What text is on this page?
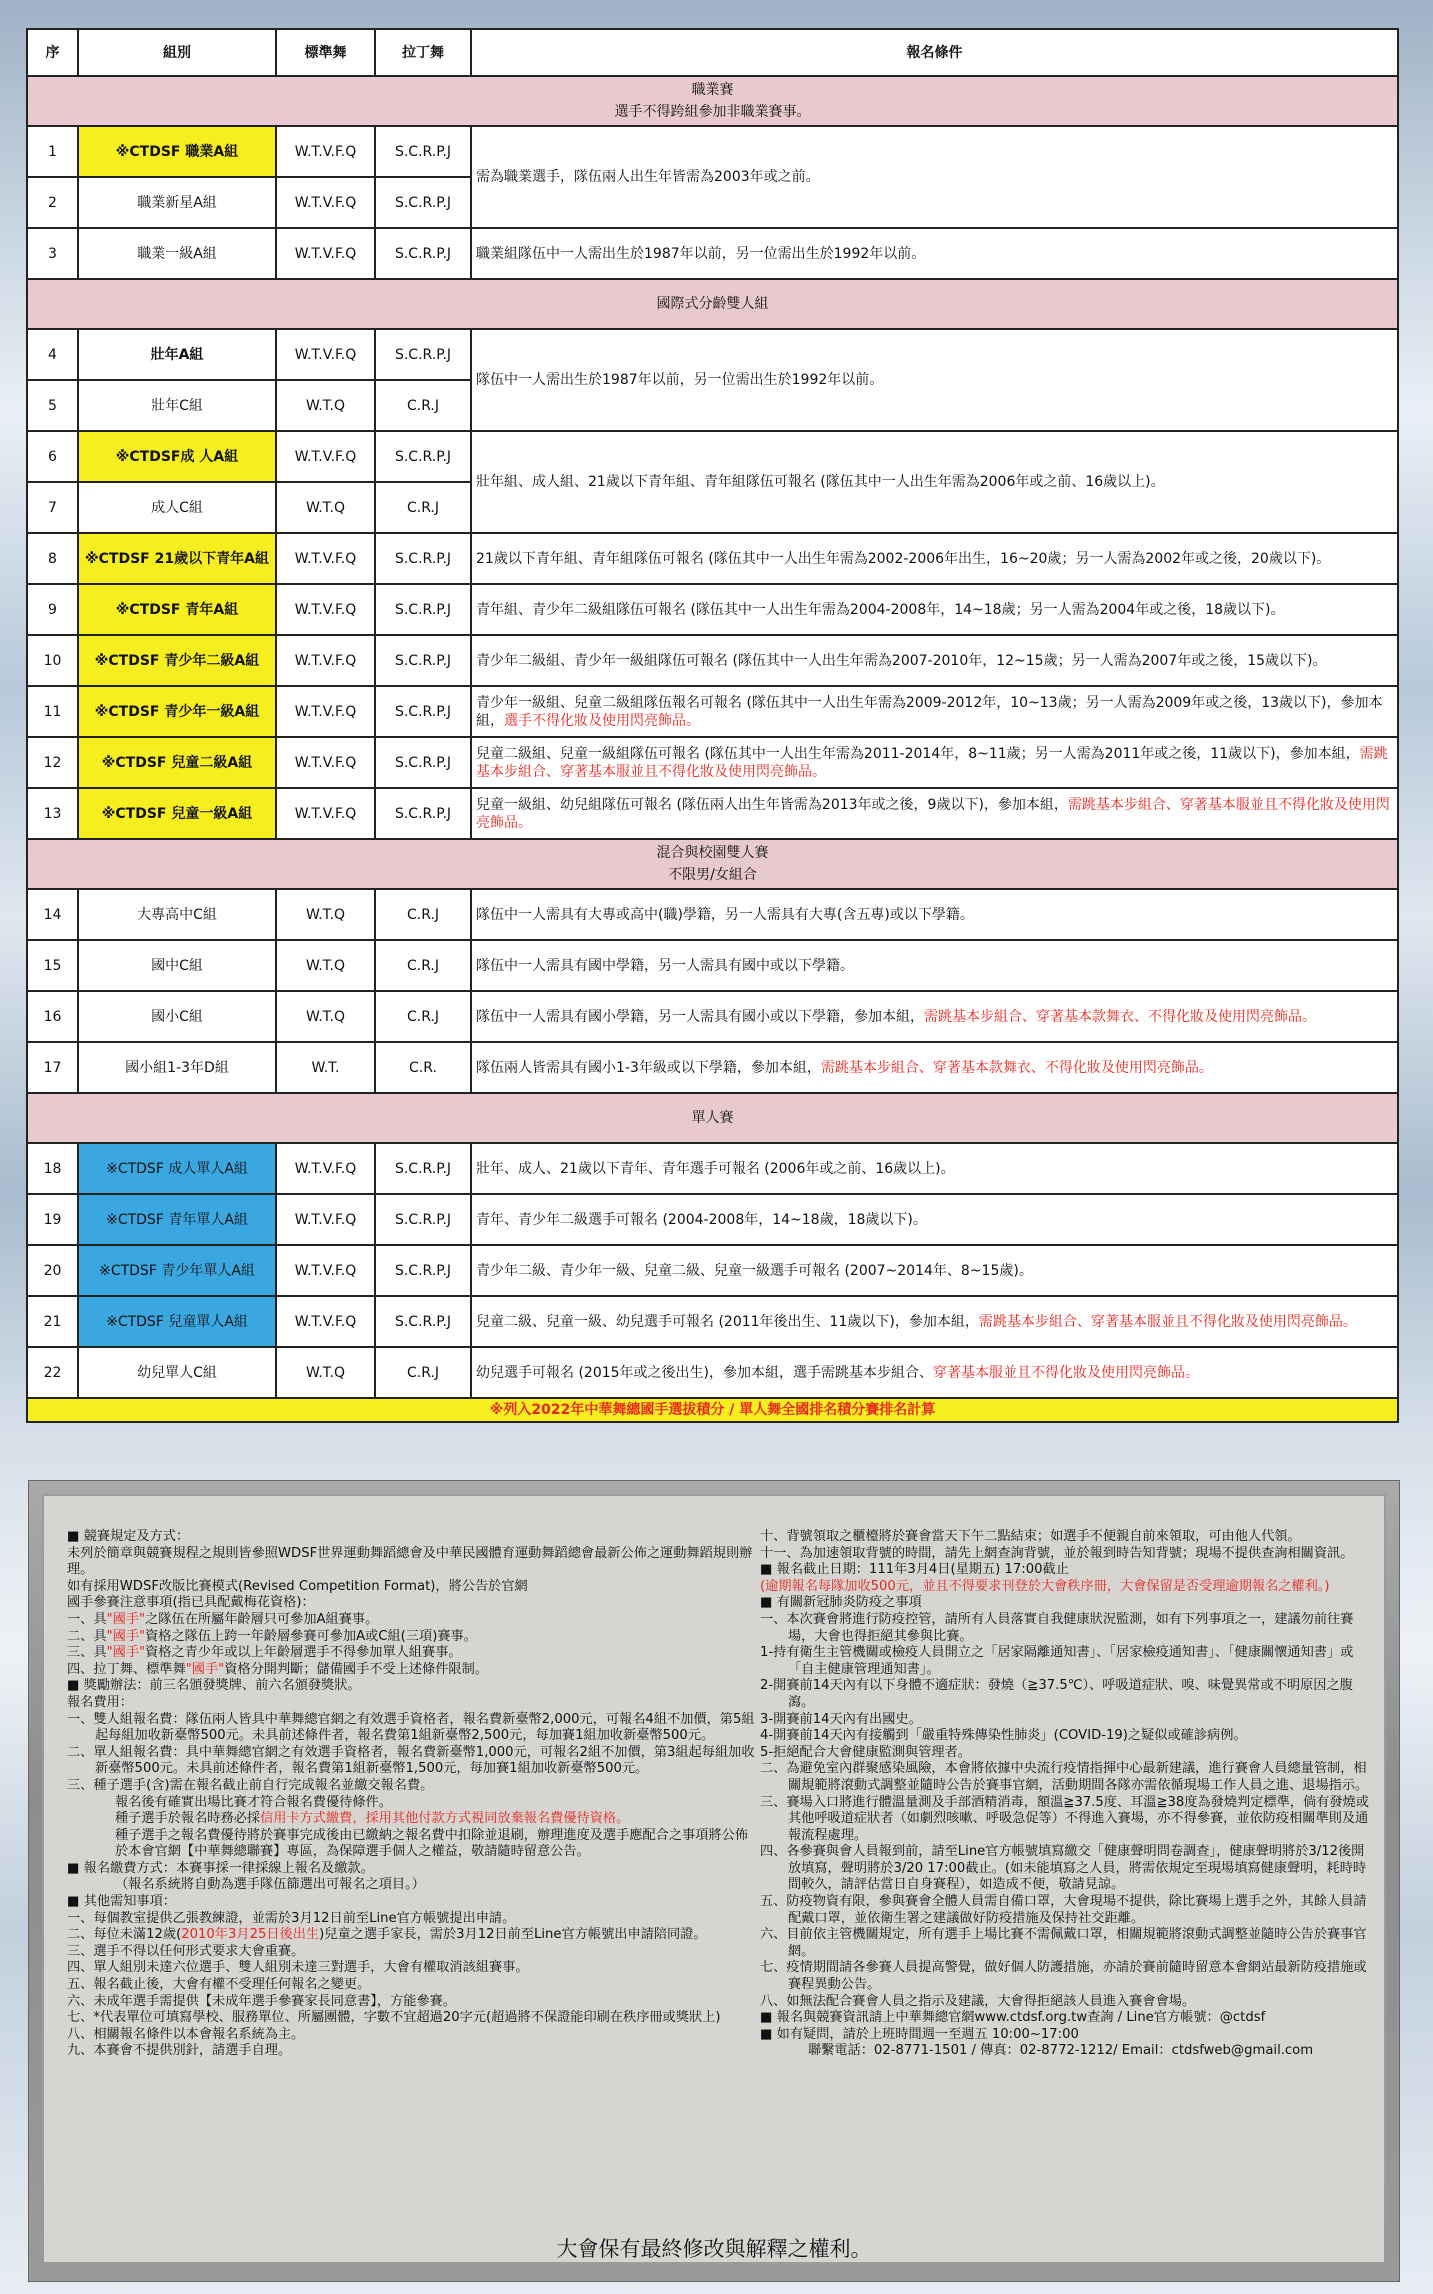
序	組別	標準舞	拉丁舞	報名條件

職業賽
選手不得跨組參加非職業賽事。				

1	※CTDSF 職業A組	W.T.V.F.Q	S.C.R.P.J	需為職業選手，隊伍兩人出生年皆需為2003年或之前。
2	職業新星A組	W.T.V.F.Q	S.C.R.P.J	
3	職業一級A組	W.T.V.F.Q	S.C.R.P.J	職業組隊伍中一人需出生於1987年以前，另一位需出生於1992年以前。

國際式分齡雙人組				

4	壯年A組	W.T.V.F.Q	S.C.R.P.J	隊伍中一人需出生於1987年以前，另一位需出生於1992年以前。
5	壯年C組	W.T.Q	C.R.J	
6	※CTDSF成 人A組	W.T.V.F.Q	S.C.R.P.J	壯年組、成人組、21歲以下青年組、青年組隊伍可報名 (隊伍其中一人出生年需為2006年或之前、16歲以上)。
7	成人C組	W.T.Q	C.R.J	
8	※CTDSF 21歲以下青年A組	W.T.V.F.Q	S.C.R.P.J	21歲以下青年組、青年組隊伍可報名 (隊伍其中一人出生年需為2002-2006年出生，16~20歲；另一人需為2002年或之後，20歲以下)。
9	※CTDSF 青年A組	W.T.V.F.Q	S.C.R.P.J	青年組、青少年二級組隊伍可報名 (隊伍其中一人出生年需為2004-2008年，14~18歲；另一人需為2004年或之後，18歲以下)。
10	※CTDSF 青少年二級A組	W.T.V.F.Q	S.C.R.P.J	青少年二級組、青少年一級組隊伍可報名 (隊伍其中一人出生年需為2007-2010年，12~15歲；另一人需為2007年或之後，15歲以下)。
11	※CTDSF 青少年一級A組	W.T.V.F.Q	S.C.R.P.J	青少年一級組、兒童二級組隊伍報名可報名 (隊伍其中一人出生年需為2009-2012年，10~13歲；另一人需為2009年或之後，13歲以下)，參加本組，選手不得化妝及使用閃亮飾品。
12	※CTDSF 兒童二級A組	W.T.V.F.Q	S.C.R.P.J	兒童二級組、兒童一級組隊伍可報名 (隊伍其中一人出生年需為2011-2014年，8~11歲；另一人需為2011年或之後，11歲以下)，參加本組，需跳基本步組合、穿著基本服並且不得化妝及使用閃亮飾品。
13	※CTDSF 兒童一級A組	W.T.V.F.Q	S.C.R.P.J	兒童一級組、幼兒組隊伍可報名 (隊伍兩人出生年皆需為2013年或之後，9歲以下)，參加本組，需跳基本步組合、穿著基本服並且不得化妝及使用閃亮飾品。

混合與校園雙人賽
不限男/女組合				

14	大專高中C組	W.T.Q	C.R.J	隊伍中一人需具有大專或高中(職)學籍，另一人需具有大專(含五專)或以下學籍。
15	國中C組	W.T.Q	C.R.J	隊伍中一人需具有國中學籍，另一人需具有國中或以下學籍。
16	國小C組	W.T.Q	C.R.J	隊伍中一人需具有國小學籍，另一人需具有國小或以下學籍，參加本組，需跳基本步組合、穿著基本款舞衣、不得化妝及使用閃亮飾品。
17	國小組1-3年D組	W.T.	C.R.	隊伍兩人皆需具有國小1-3年級或以下學籍，參加本組，需跳基本步組合、穿著基本款舞衣、不得化妝及使用閃亮飾品。

單人賽				

18	※CTDSF 成人單人A組	W.T.V.F.Q	S.C.R.P.J	壯年、成人、21歲以下青年、青年選手可報名 (2006年或之前、16歲以上)。
19	※CTDSF 青年單人A組	W.T.V.F.Q	S.C.R.P.J	青年、青少年二級選手可報名 (2004-2008年，14~18歲，18歲以下)。
20	※CTDSF 青少年單人A組	W.T.V.F.Q	S.C.R.P.J	青少年二級、青少年一級、兒童二級、兒童一級選手可報名 (2007~2014年、8~15歲)。
21	※CTDSF 兒童單人A組	W.T.V.F.Q	S.C.R.P.J	兒童二級、兒童一級、幼兒選手可報名 (2011年後出生、11歲以下)，參加本組，需跳基本步組合、穿著基本服並且不得化妝及使用閃亮飾品。
22	幼兒單人C組	W.T.Q	C.R.J	幼兒選手可報名 (2015年或之後出生)，參加本組，選手需跳基本步組合、穿著基本服並且不得化妝及使用閃亮飾品。
※列入2022年中華舞總國手選拔積分 / 單人舞全國排名積分賽排名計算				

■ 競賽規定及方式：

未列於簡章與競賽規程之規則皆參照WDSF世界運動舞蹈總會及中華民國體育運動舞蹈總會最新公佈之運動舞蹈規則辦理。

如有採用WDSF改版比賽模式(Revised Competition Format)，將公告於官網

國手參賽注意事項(指已具配戴梅花資格)：

一、具"國手"之隊伍在所屬年齡層只可參加A組賽事。

二、具"國手"資格之隊伍上跨一年齡層參賽可參加A或C組(三項)賽事。

三、具"國手"資格之青少年或以上年齡層選手不得參加單人組賽事。

四、拉丁舞、標準舞"國手"資格分開判斷；儲備國手不受上述條件限制。

■ 獎勵辦法：前三名頒發獎牌、前六名頒發獎狀。

報名費用：

一、雙人組報名費：隊伍兩人皆具中華舞總官網之有效選手資格者，報名費新臺幣2,000元，可報名4組不加價，第5組起每組加收新臺幣500元。未具前述條件者，報名費第1組新臺幣2,500元，每加賽1組加收新臺幣500元。

二、單人組報名費：具中華舞總官網之有效選手資格者，報名費新臺幣1,000元，可報名2組不加價，第3組起每組加收新臺幣500元。未具前述條件者，報名費第1組新臺幣1,500元，每加賽1組加收新臺幣500元。

三、種子選手(含)需在報名截止前自行完成報名並繳交報名費。

報名後有確實出場比賽才符合報名費優待條件。

種子選手於報名時務必採信用卡方式繳費，採用其他付款方式視同放棄報名費優待資格。

種子選手之報名費優待將於賽事完成後由已繳納之報名費中扣除並退刷，辦理進度及選手應配合之事項將公佈於本會官網【中華舞總聯賽】專區，為保障選手個人之權益，敬請隨時留意公告。

■ 報名繳費方式：本賽事採一律採線上報名及繳款。

（報名系統將自動為選手隊伍篩選出可報名之項目。）

■ 其他需知事項：

一、每個教室提供乙張教練證，並需於3月12日前至Line官方帳號提出申請。

二、每位未滿12歲(2010年3月25日後出生)兒童之選手家長，需於3月12日前至Line官方帳號出申請陪同證。

三、選手不得以任何形式要求大會重賽。

四、單人組別未達六位選手、雙人組別未達三對選手，大會有權取消該組賽事。

五、報名截止後，大會有權不受理任何報名之變更。

六、未成年選手需提供【未成年選手參賽家長同意書】，方能參賽。

七、*代表單位可填寫學校、服務單位、所屬團體，字數不宜超過20字元(超過將不保證能印刷在秩序冊或獎狀上)

八、相關報名條件以本會報名系統為主。

九、本賽會不提供別針，請選手自理。

十、背號領取之櫃檯將於賽會當天下午二點結束；如選手不便親自前來領取，可由他人代領。

十一、為加速領取背號的時間，請先上網查詢背號，並於報到時告知背號；現場不提供查詢相關資訊。

■ 報名截止日期：111年3月4日(星期五) 17:00截止

(逾期報名每隊加收500元，並且不得要求刊登於大會秩序冊，大會保留是否受理逾期報名之權利。)

■ 有關新冠肺炎防疫之事項

一、本次賽會將進行防疫控管，請所有人員落實自我健康狀況監測，如有下列事項之一，建議勿前往賽場，大會也得拒絕其參與比賽。

1-持有衛生主管機關或檢疫人員開立之「居家隔離通知書」、「居家檢疫通知書」、「健康關懷通知書」或「自主健康管理通知書」。

2-開賽前14天內有以下身體不適症狀：發燒（≧37.5℃）、呼吸道症狀、嗅、味覺異常或不明原因之腹瀉。

3-開賽前14天內有出國史。

4-開賽前14天內有接觸到「嚴重特殊傳染性肺炎」(COVID-19)之疑似或確診病例。

5-拒絕配合大會健康監測與管理者。

二、為避免室內群聚感染風險，本會將依據中央流行疫情指揮中心最新建議，進行賽會人員總量管制，相關規範將滾動式調整並隨時公告於賽事官網，活動期間各隊亦需依循現場工作人員之進、退場指示。

三、賽場入口將進行體溫量測及手部酒精消毒，額溫≧37.5度、耳溫≧38度為發燒判定標準，倘有發燒或其他呼吸道症狀者（如劇烈咳嗽、呼吸急促等）不得進入賽場，亦不得參賽，並依防疫相關準則及通報流程處理。

四、各參賽與會人員報到前，請至Line官方帳號填寫繳交「健康聲明問卷調查」，健康聲明將於3/12後開放填寫，聲明將於3/20 17:00截止。(如未能填寫之人員，將需依規定至現場填寫健康聲明，耗時時間較久，請評估當日自身賽程），如造成不便，敬請見諒。

五、防疫物資有限，參與賽會全體人員需自備口罩，大會現場不提供，除比賽場上選手之外，其餘人員請配戴口罩，並依衛生署之建議做好防疫措施及保持社交距離。

六、目前依主管機關規定，所有選手上場比賽不需佩戴口罩，相關規範將滾動式調整並隨時公告於賽事官網。

七、疫情期間請各參賽人員提高警覺，做好個人防護措施，亦請於賽前隨時留意本會網站最新防疫措施或賽程異動公告。

八、如無法配合賽會人員之指示及建議，大會得拒絕該人員進入賽會會場。

■ 報名與競賽資訊請上中華舞總官網www.ctdsf.org.tw查詢 / Line官方帳號：@ctdsf

■ 如有疑問，請於上班時間週一至週五 10:00~17:00

聯繫電話：02-8771-1501 / 傳真：02-8772-1212/ Email：ctdsfweb@gmail.com

大會保有最終修改與解釋之權利。
